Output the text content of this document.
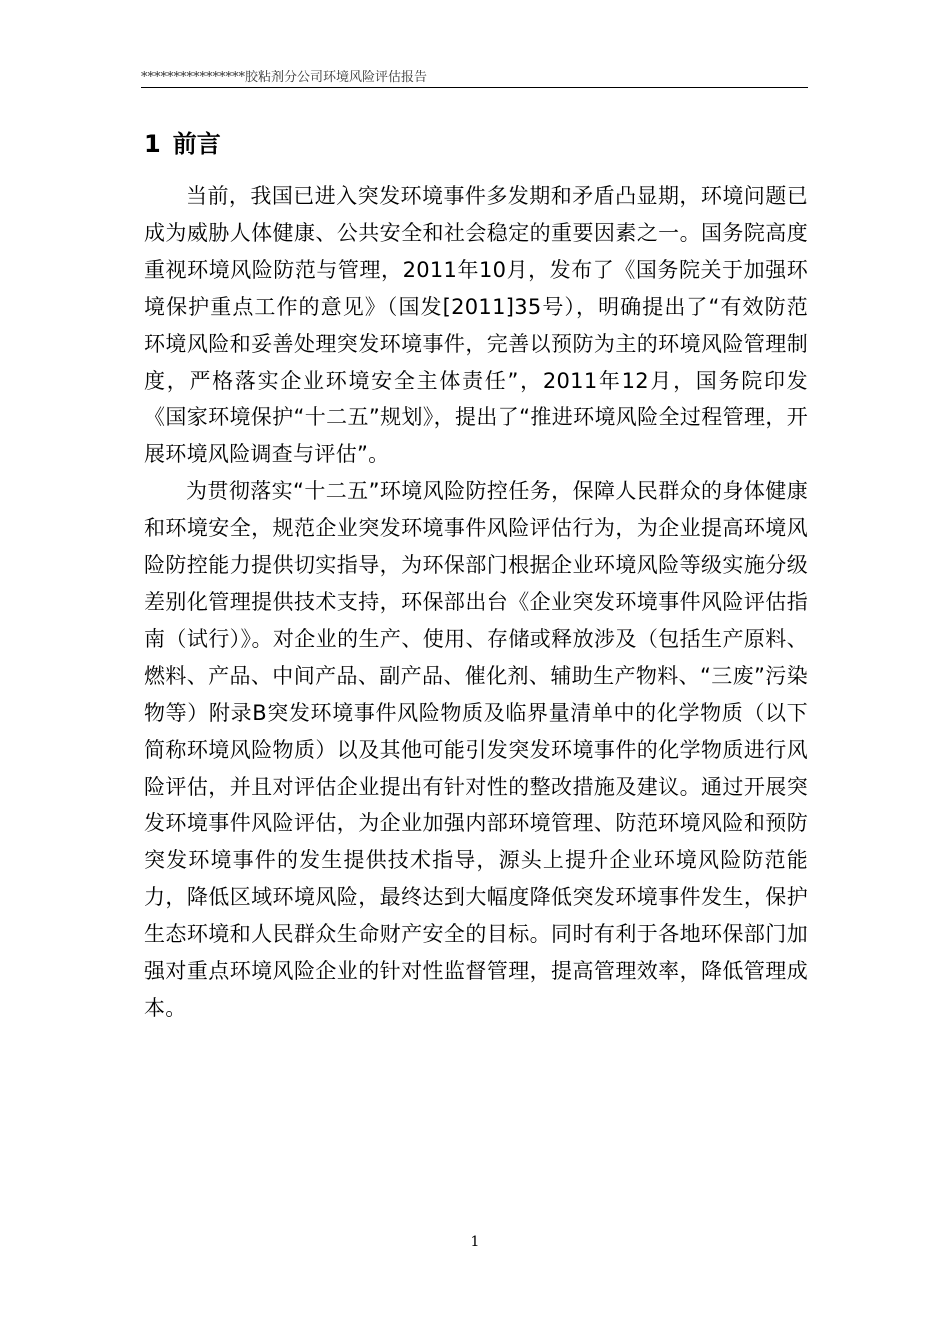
****************胶粘剂分公司环境风险评估报告
1 前言

当前，我国已进入突发环境事件多发期和矛盾凸显期，环境问题已成为威胁人体健康、公共安全和社会稳定的重要因素之一。国务院高度重视环境风险防范与管理，2011年10月，发布了《国务院关于加强环境保护重点工作的意见》（国发[2011]35号），明确提出了“有效防范环境风险和妥善处理突发环境事件，完善以预防为主的环境风险管理制度，严格落实企业环境安全主体责任”，2011年12月，国务院印发《国家环境保护“十二五”规划》，提出了“推进环境风险全过程管理，开展环境风险调查与评估”。

为贯彻落实“十二五”环境风险防控任务，保障人民群众的身体健康和环境安全，规范企业突发环境事件风险评估行为，为企业提高环境风险防控能力提供切实指导，为环保部门根据企业环境风险等级实施分级差别化管理提供技术支持，环保部出台《企业突发环境事件风险评估指南（试行）》。对企业的生产、使用、存储或释放涉及（包括生产原料、燃料、产品、中间产品、副产品、催化剂、辅助生产物料、“三废”污染物等）附录B突发环境事件风险物质及临界量清单中的化学物质（以下简称环境风险物质）以及其他可能引发突发环境事件的化学物质进行风险评估，并且对评估企业提出有针对性的整改措施及建议。通过开展突发环境事件风险评估，为企业加强内部环境管理、防范环境风险和预防突发环境事件的发生提供技术指导，源头上提升企业环境风险防范能力，降低区域环境风险，最终达到大幅度降低突发环境事件发生，保护生态环境和人民群众生命财产安全的目标。同时有利于各地环保部门加强对重点环境风险企业的针对性监督管理，提高管理效率，降低管理成本。

1
